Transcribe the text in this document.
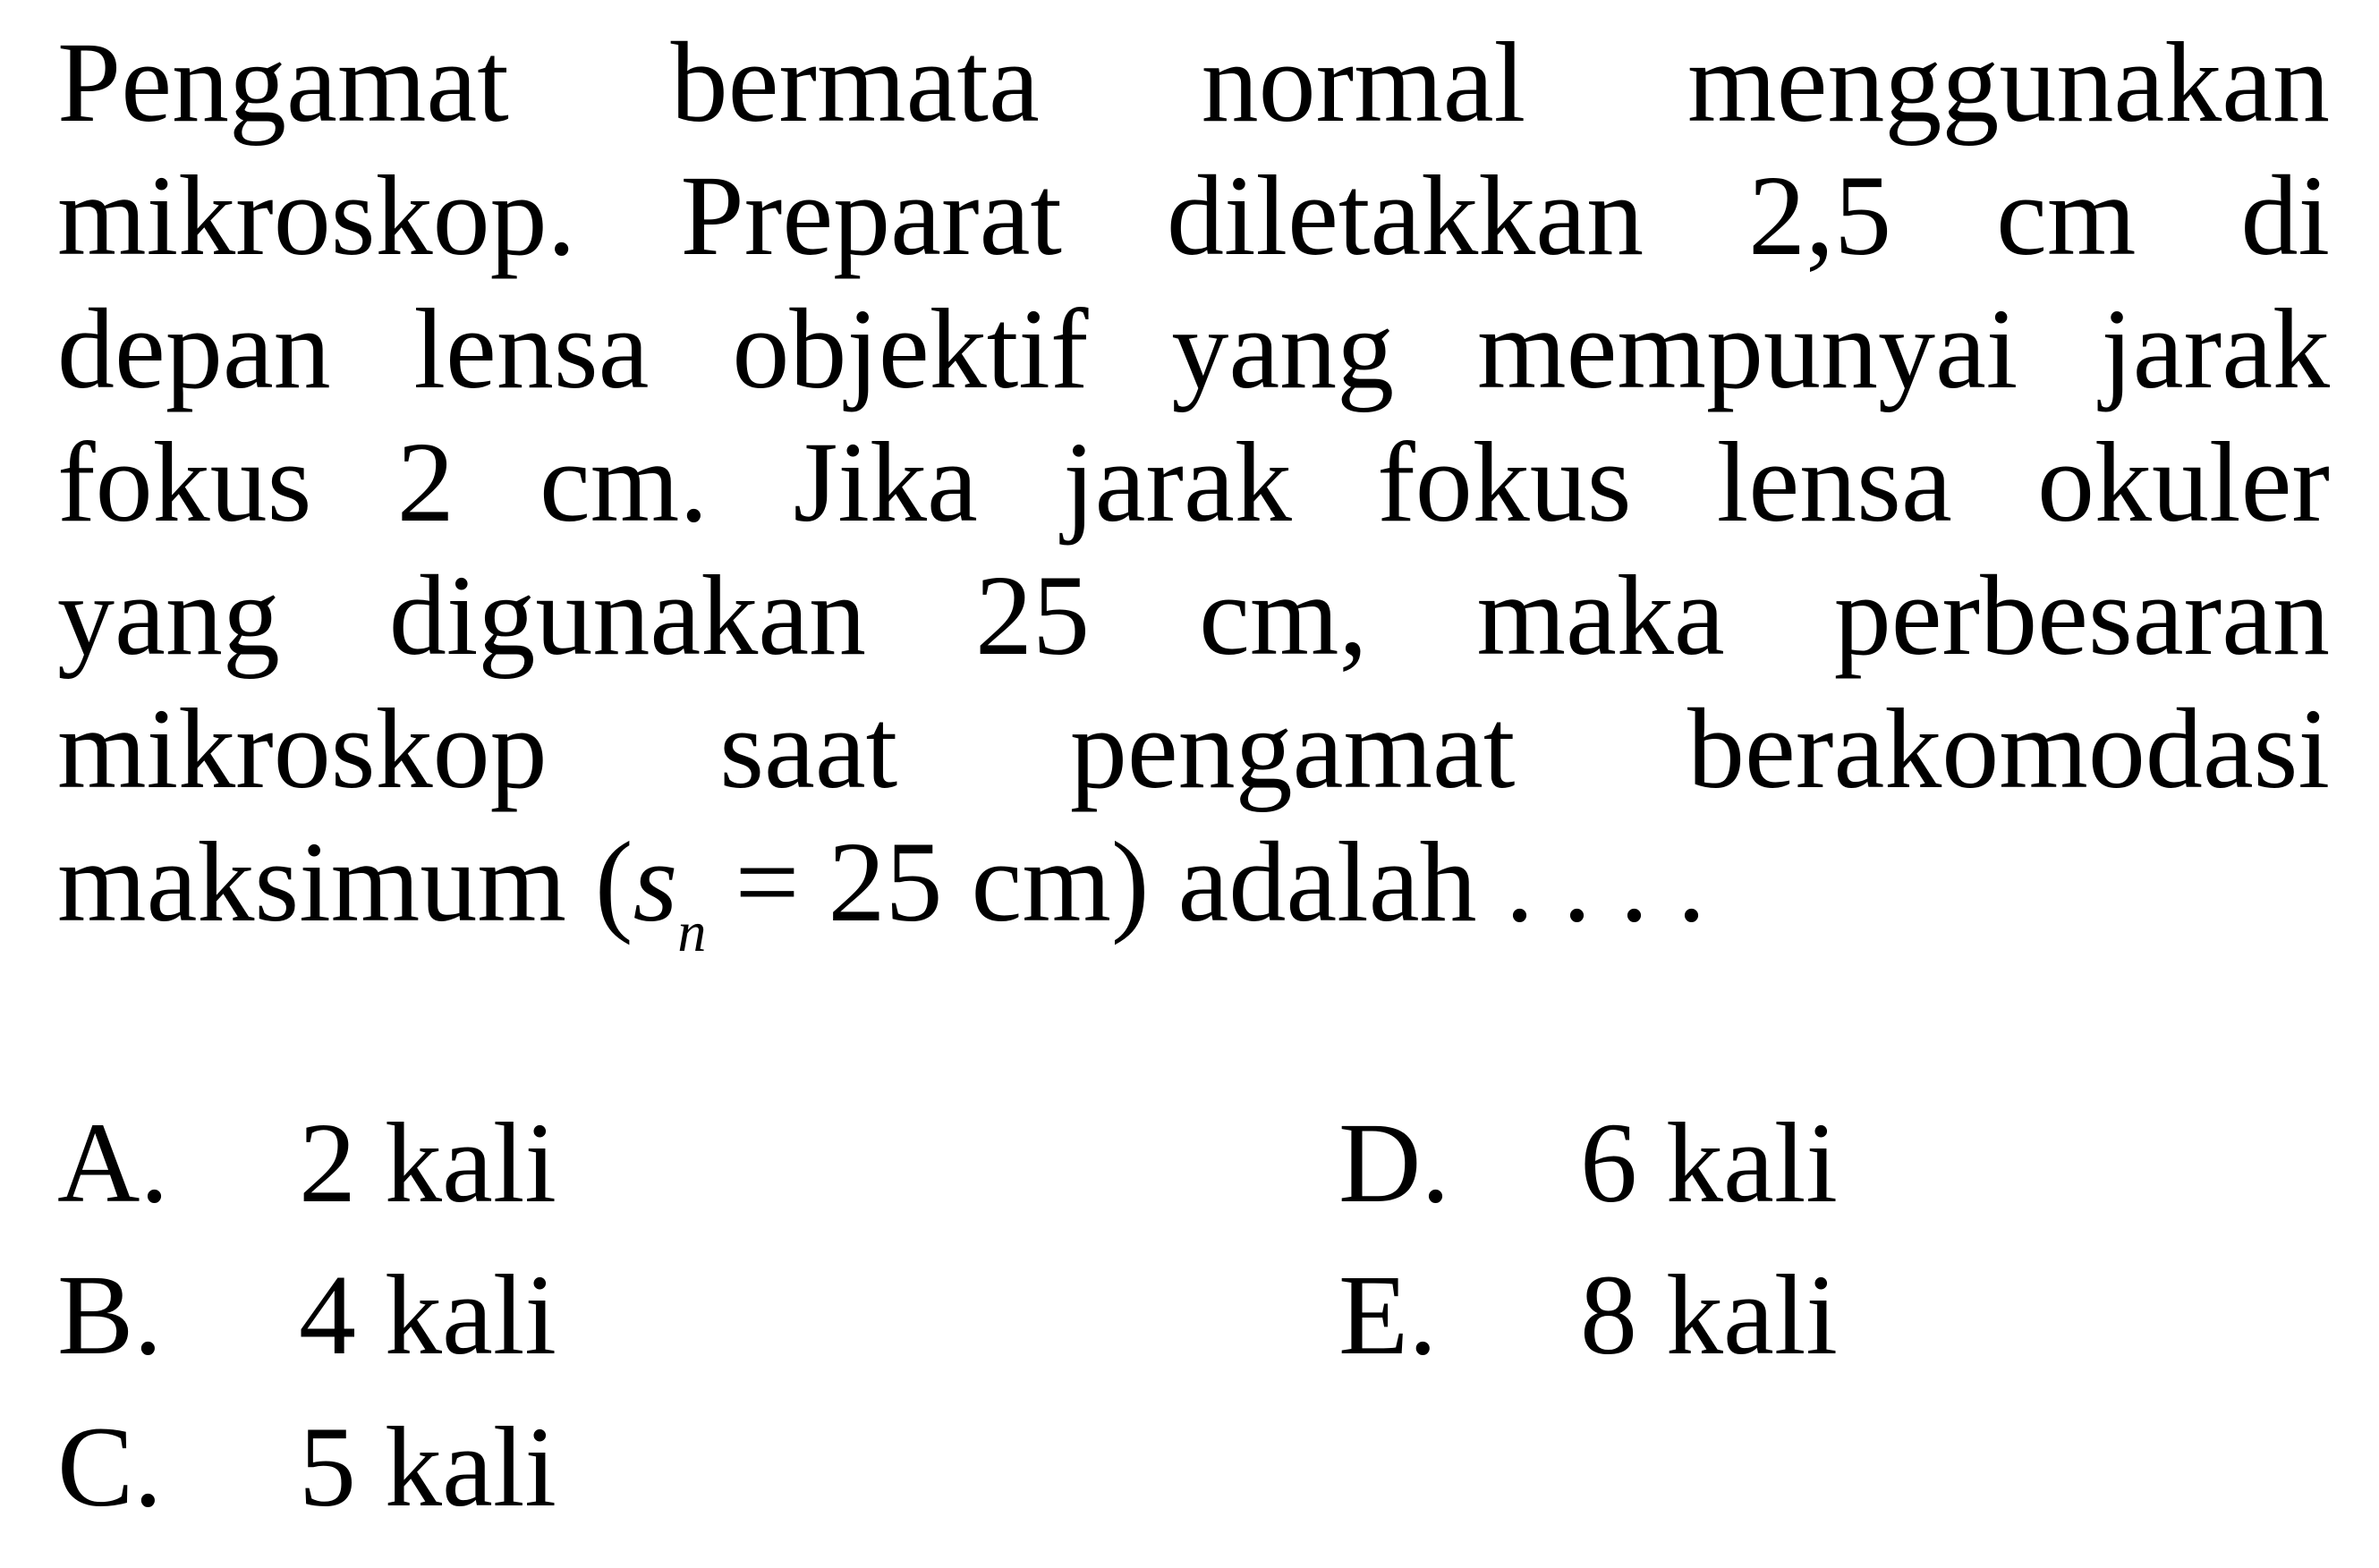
Pengamat bermata normal menggunakan
mikroskop. Preparat diletakkan 2,5 cm di
depan lensa objektif yang mempunyai jarak
fokus 2 cm. Jika jarak fokus lensa okuler
yang digunakan 25 cm, maka perbesaran
mikroskop saat pengamat berakomodasi
maksimum ($s_n = 25$ cm) adalah . . . .
A. 2 kali
B. 4 kali
C. 5 kali
D. 6 kali
E. 8 kali
